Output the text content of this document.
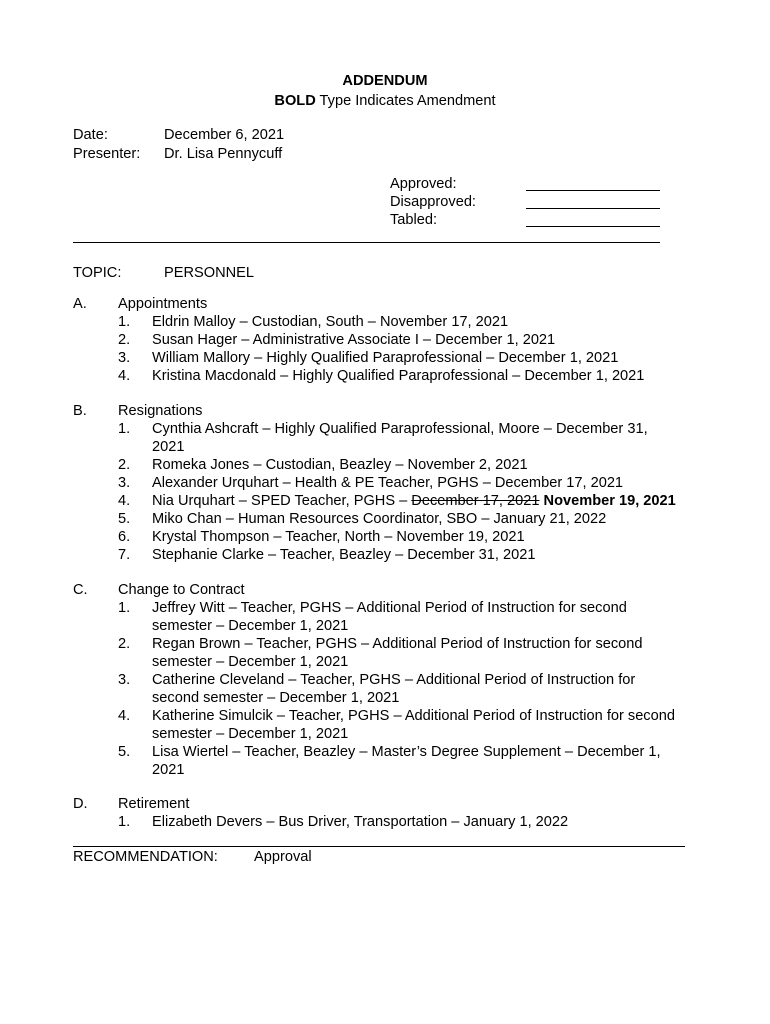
ADDENDUM
BOLD Type Indicates Amendment
Date:	December 6, 2021
Presenter: Dr. Lisa Pennycuff
Approved:
Disapproved:
Tabled:
TOPIC:	PERSONNEL
A. Appointments
1. Eldrin Malloy – Custodian, South – November 17, 2021
2. Susan Hager – Administrative Associate I – December 1, 2021
3. William Mallory – Highly Qualified Paraprofessional – December 1, 2021
4. Kristina Macdonald – Highly Qualified Paraprofessional – December 1, 2021
B. Resignations
1. Cynthia Ashcraft – Highly Qualified Paraprofessional, Moore – December 31,
2021
2. Romeka Jones – Custodian, Beazley – November 2, 2021
3. Alexander Urquhart – Health & PE Teacher, PGHS – December 17, 2021
4. Nia Urquhart – SPED Teacher, PGHS – December 17, 2021 November 19, 2021
5. Miko Chan – Human Resources Coordinator, SBO – January 21, 2022
6. Krystal Thompson – Teacher, North – November 19, 2021
7. Stephanie Clarke – Teacher, Beazley – December 31, 2021
C. Change to Contract
1. Jeffrey Witt – Teacher, PGHS – Additional Period of Instruction for second
semester – December 1, 2021
2. Regan Brown – Teacher, PGHS – Additional Period of Instruction for second
semester – December 1, 2021
3. Catherine Cleveland – Teacher, PGHS – Additional Period of Instruction for
second semester – December 1, 2021
4. Katherine Simulcik – Teacher, PGHS – Additional Period of Instruction for second
semester – December 1, 2021
5. Lisa Wiertel – Teacher, Beazley – Master’s Degree Supplement – December 1,
2021
D. Retirement
1. Elizabeth Devers – Bus Driver, Transportation – January 1, 2022
RECOMMENDATION: Approval
